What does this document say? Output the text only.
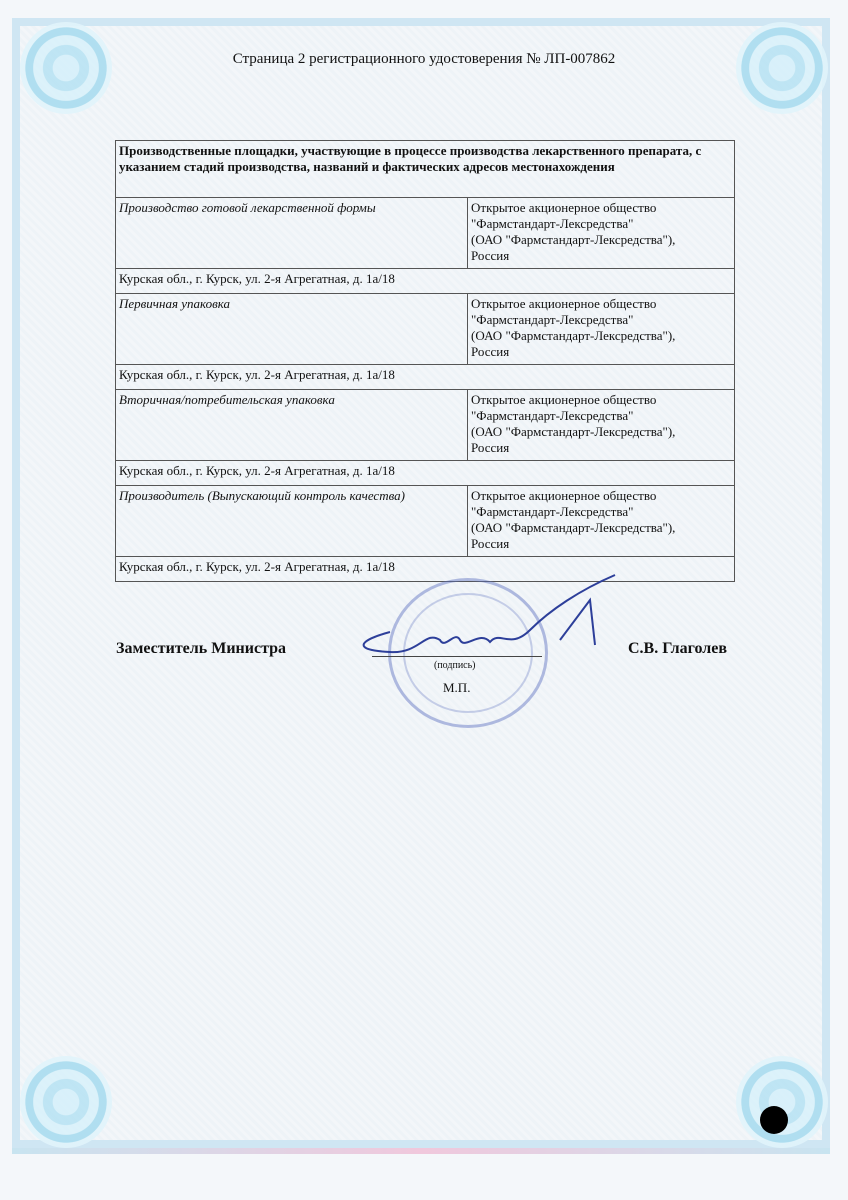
Страница 2 регистрационного удостоверения № ЛП-007862
Производственные площадки, участвующие в процессе производства лекарственного препарата, с указанием стадий производства, названий и фактических адресов местонахождения	
Производство готовой лекарственной формы	Открытое акционерное общество
"Фармстандарт-Лексредства"
(ОАО "Фармстандарт-Лексредства"),
Россия

Курская обл., г. Курск, ул. 2-я Агрегатная, д. 1а/18	
Первичная упаковка	Открытое акционерное общество
"Фармстандарт-Лексредства"
(ОАО "Фармстандарт-Лексредства"),
Россия

Курская обл., г. Курск, ул. 2-я Агрегатная, д. 1а/18	
Вторичная/потребительская упаковка	Открытое акционерное общество
"Фармстандарт-Лексредства"
(ОАО "Фармстандарт-Лексредства"),
Россия

Курская обл., г. Курск, ул. 2-я Агрегатная, д. 1а/18	
Производитель (Выпускающий контроль качества)	Открытое акционерное общество
"Фармстандарт-Лексредства"
(ОАО "Фармстандарт-Лексредства"),
Россия

Курская обл., г. Курск, ул. 2-я Агрегатная, д. 1а/18	
Заместитель Министра
(подпись)
М.П.
С.В. Глаголев
